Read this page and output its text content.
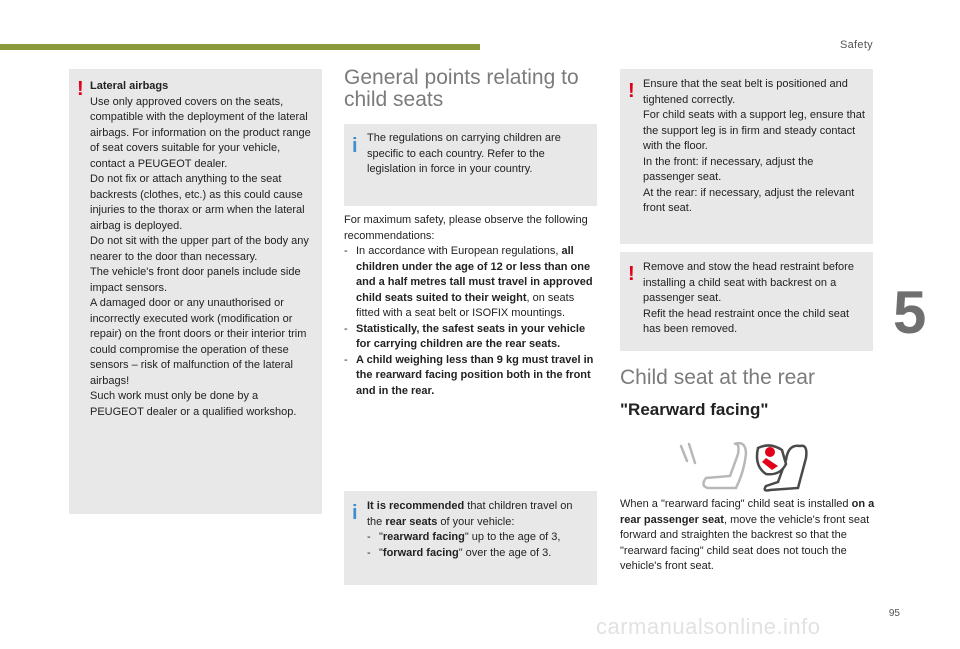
Safety
5
! Lateral airbags

Use only approved covers on the seats, compatible with the deployment of the lateral airbags. For information on the product range of seat covers suitable for your vehicle, contact a PEUGEOT dealer.

Do not fix or attach anything to the seat backrests (clothes, etc.) as this could cause injuries to the thorax or arm when the lateral airbag is deployed.

Do not sit with the upper part of the body any nearer to the door than necessary.

The vehicle's front door panels include side impact sensors.

A damaged door or any unauthorised or incorrectly executed work (modification or repair) on the front doors or their interior trim could compromise the operation of these sensors – risk of malfunction of the lateral airbags!

Such work must only be done by a PEUGEOT dealer or a qualified workshop.

General points relating to child seats
i The regulations on carrying children are specific to each country. Refer to the legislation in force in your country.

For maximum safety, please observe the following recommendations:

- In accordance with European regulations, all children under the age of 12 or less than one and a half metres tall must travel in approved child seats suited to their weight, on seats fitted with a seat belt or ISOFIX mountings.
- Statistically, the safest seats in your vehicle for carrying children are the rear seats.
- A child weighing less than 9 kg must travel in the rearward facing position both in the front and in the rear.
i It is recommended that children travel on the rear seats of your vehicle:

- "rearward facing" up to the age of 3,
- "forward facing" over the age of 3.
! Ensure that the seat belt is positioned and tightened correctly.

For child seats with a support leg, ensure that the support leg is in firm and steady contact with the floor.

In the front: if necessary, adjust the passenger seat.

At the rear: if necessary, adjust the relevant front seat.

! Remove and stow the head restraint before installing a child seat with backrest on a passenger seat.

Refit the head restraint once the child seat has been removed.

Child seat at the rear
"Rearward facing"

When a "rearward facing" child seat is installed on a rear passenger seat, move the vehicle's front seat forward and straighten the backrest so that the "rearward facing" child seat does not touch the vehicle's front seat.

95
carmanualsonline.info
